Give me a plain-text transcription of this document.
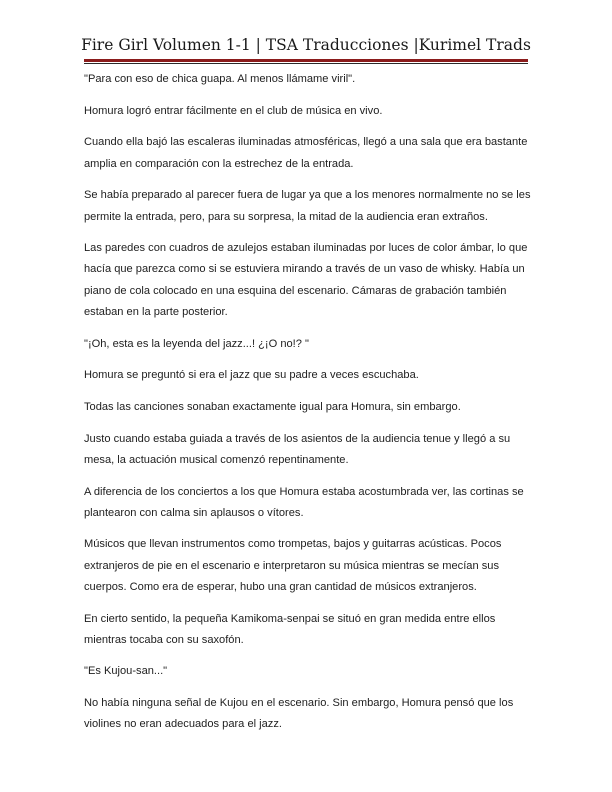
Fire Girl Volumen 1-1 | TSA Traducciones |Kurimel Trads

"Para con eso de chica guapa. Al menos llámame viril".

Homura logró entrar fácilmente en el club de música en vivo.

Cuando ella bajó las escaleras iluminadas atmosféricas, llegó a una sala que era bastante amplia en comparación con la estrechez de la entrada.

Se había preparado al parecer fuera de lugar ya que a los menores normalmente no se les permite la entrada, pero, para su sorpresa, la mitad de la audiencia eran extraños.

Las paredes con cuadros de azulejos estaban iluminadas por luces de color ámbar, lo que hacía que parezca como si se estuviera mirando a través de un vaso de whisky. Había un piano de cola colocado en una esquina del escenario. Cámaras de grabación también estaban en la parte posterior.

"¡Oh, esta es la leyenda del jazz...! ¿¡O no!? "

Homura se preguntó si era el jazz que su padre a veces escuchaba.

Todas las canciones sonaban exactamente igual para Homura, sin embargo.

Justo cuando estaba guiada a través de los asientos de la audiencia tenue y llegó a su mesa, la actuación musical comenzó repentinamente.

A diferencia de los conciertos a los que Homura estaba acostumbrada ver, las cortinas se plantearon con calma sin aplausos o vítores.

Músicos que llevan instrumentos como trompetas, bajos y guitarras acústicas. Pocos extranjeros de pie en el escenario e interpretaron su música mientras se mecían sus cuerpos. Como era de esperar, hubo una gran cantidad de músicos extranjeros.

En cierto sentido, la pequeña Kamikoma-senpai se situó en gran medida entre ellos mientras tocaba con su saxofón.

"Es Kujou-san..."

No había ninguna señal de Kujou en el escenario. Sin embargo, Homura pensó que los violines no eran adecuados para el jazz.
